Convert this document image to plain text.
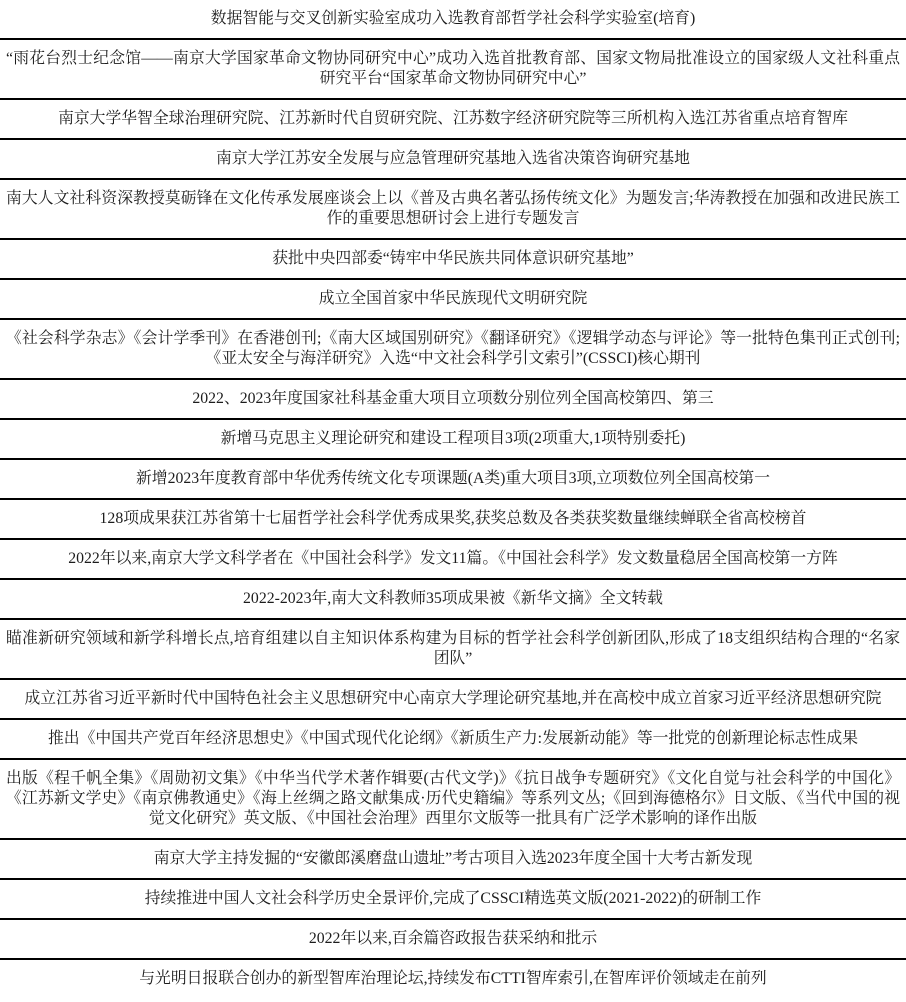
数据智能与交叉创新实验室成功入选教育部哲学社会科学实验室(培育)
“雨花台烈士纪念馆——南京大学国家革命文物协同研究中心”成功入选首批教育部、国家文物局批准设立的国家级人文社科重点研究平台“国家革命文物协同研究中心”
南京大学华智全球治理研究院、江苏新时代自贸研究院、江苏数字经济研究院等三所机构入选江苏省重点培育智库
南京大学江苏安全发展与应急管理研究基地入选省决策咨询研究基地
南大人文社科资深教授莫砺锋在文化传承发展座谈会上以《普及古典名著弘扬传统文化》为题发言;华涛教授在加强和改进民族工作的重要思想研讨会上进行专题发言
获批中央四部委“铸牢中华民族共同体意识研究基地”
成立全国首家中华民族现代文明研究院
《社会科学杂志》《会计学季刊》在香港创刊;《南大区域国别研究》《翻译研究》《逻辑学动态与评论》等一批特色集刊正式创刊;《亚太安全与海洋研究》入选“中文社会科学引文索引”(CSSCI)核心期刊
2022、2023年度国家社科基金重大项目立项数分别位列全国高校第四、第三
新增马克思主义理论研究和建设工程项目3项(2项重大,1项特别委托)
新增2023年度教育部中华优秀传统文化专项课题(A类)重大项目3项,立项数位列全国高校第一
128项成果获江苏省第十七届哲学社会科学优秀成果奖,获奖总数及各类获奖数量继续蝉联全省高校榜首
2022年以来,南京大学文科学者在《中国社会科学》发文11篇。《中国社会科学》发文数量稳居全国高校第一方阵
2022-2023年,南大文科教师35项成果被《新华文摘》全文转载
瞄准新研究领域和新学科增长点,培育组建以自主知识体系构建为目标的哲学社会科学创新团队,形成了18支组织结构合理的“名家团队”
成立江苏省习近平新时代中国特色社会主义思想研究中心南京大学理论研究基地,并在高校中成立首家习近平经济思想研究院
推出《中国共产党百年经济思想史》《中国式现代化论纲》《新质生产力:发展新动能》等一批党的创新理论标志性成果
出版《程千帆全集》《周勋初文集》《中华当代学术著作辑要(古代文学)》《抗日战争专题研究》《文化自觉与社会科学的中国化》《江苏新文学史》《南京佛教通史》《海上丝绸之路文献集成·历代史籍编》等系列文丛;《回到海德格尔》日文版、《当代中国的视觉文化研究》英文版、《中国社会治理》西里尔文版等一批具有广泛学术影响的译作出版
南京大学主持发掘的“安徽郎溪磨盘山遗址”考古项目入选2023年度全国十大考古新发现
持续推进中国人文社会科学历史全景评价,完成了CSSCI精选英文版(2021-2022)的研制工作
2022年以来,百余篇咨政报告获采纳和批示
与光明日报联合创办的新型智库治理论坛,持续发布CTTI智库索引,在智库评价领域走在前列
